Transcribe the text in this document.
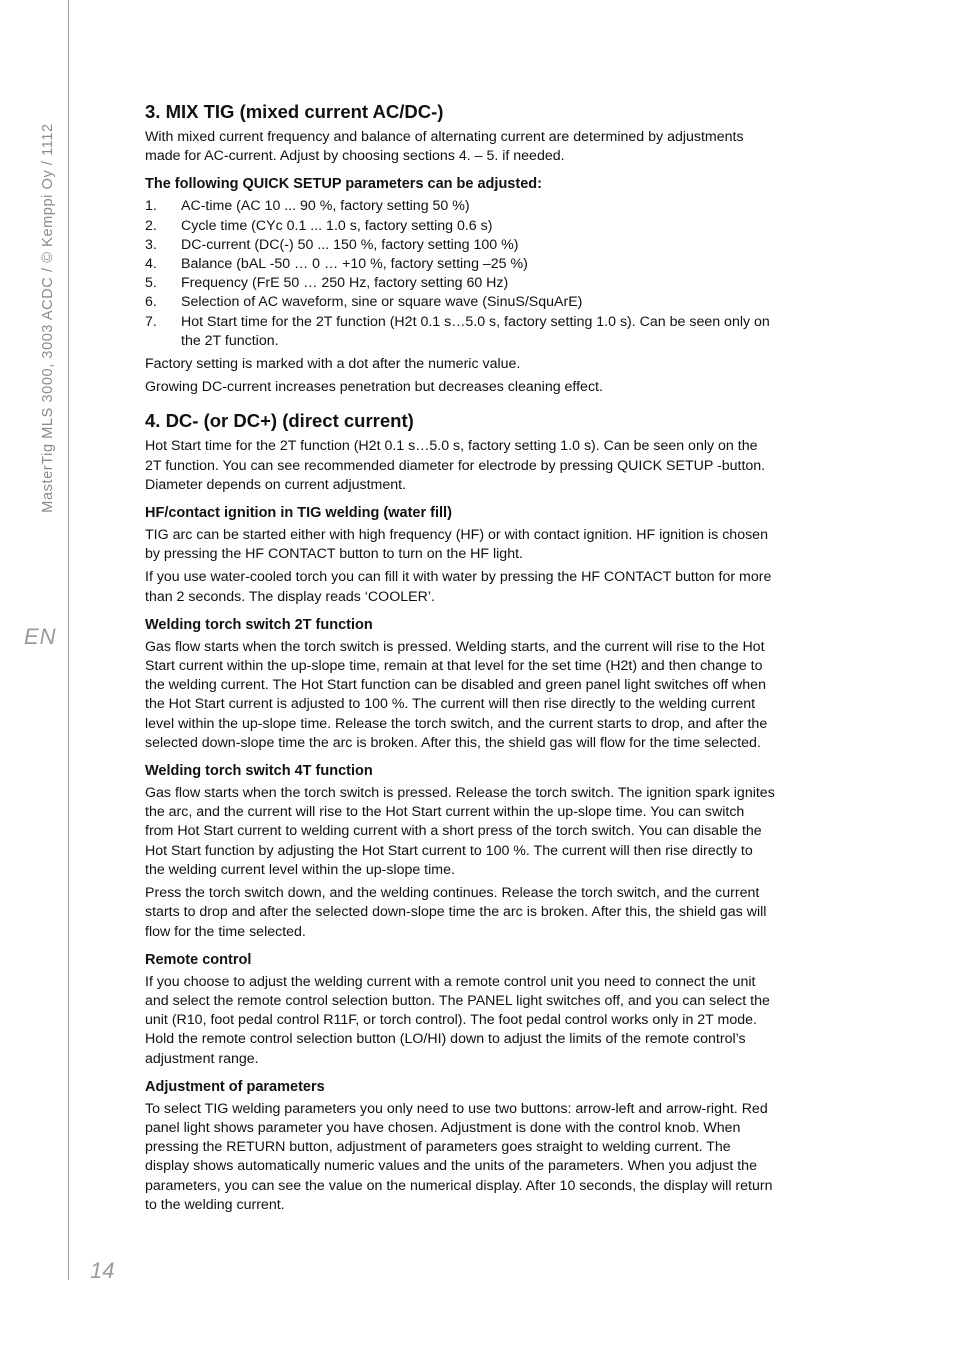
MasterTig MLS 3000, 3003 ACDC / © Kemppi Oy / 1112
EN
14
3. MIX TIG (mixed current AC/DC-)

With mixed current frequency and balance of alternating current are determined by adjustments made for AC-current. Adjust by choosing sections 4. – 5. if needed.

The following QUICK SETUP parameters can be adjusted:
1. AC-time (AC 10 ... 90 %, factory setting 50 %)
2. Cycle time (CYc 0.1 ... 1.0 s, factory setting 0.6 s)
3. DC-current (DC(-) 50 ... 150 %, factory setting 100 %)
4. Balance (bAL -50 … 0 … +10 %, factory setting –25 %)
5. Frequency (FrE 50 … 250 Hz, factory setting 60 Hz)
6. Selection of AC waveform, sine or square wave (SinuS/SquArE)
7. Hot Start time for the 2T function (H2t 0.1 s…5.0 s, factory setting 1.0 s). Can be seen only on the 2T function.

Factory setting is marked with a dot after the numeric value.

Growing DC-current increases penetration but decreases cleaning effect.

4. DC- (or DC+) (direct current)

Hot Start time for the 2T function (H2t 0.1 s…5.0 s, factory setting 1.0 s). Can be seen only on the 2T function. You can see recommended diameter for electrode by pressing QUICK SETUP -button. Diameter depends on current adjustment.

HF/contact ignition in TIG welding (water fill)

TIG arc can be started either with high frequency (HF) or with contact ignition. HF ignition is chosen by pressing the HF CONTACT button to turn on the HF light.

If you use water-cooled torch you can fill it with water by pressing the HF CONTACT button for more than 2 seconds. The display reads ‘COOLER’.

Welding torch switch 2T function

Gas flow starts when the torch switch is pressed. Welding starts, and the current will rise to the Hot Start current within the up-slope time, remain at that level for the set time (H2t) and then change to the welding current. The Hot Start function can be disabled and green panel light switches off when the Hot Start current is adjusted to 100 %. The current will then rise directly to the welding current level within the up-slope time. Release the torch switch, and the current starts to drop, and after the selected down-slope time the arc is broken. After this, the shield gas will flow for the time selected.

Welding torch switch 4T function

Gas flow starts when the torch switch is pressed. Release the torch switch. The ignition spark ignites the arc, and the current will rise to the Hot Start current within the up-slope time. You can switch from Hot Start current to welding current with a short press of the torch switch. You can disable the Hot Start function by adjusting the Hot Start current to 100 %. The current will then rise directly to the welding current level within the up-slope time.

Press the torch switch down, and the welding continues. Release the torch switch, and the current starts to drop and after the selected down-slope time the arc is broken. After this, the shield gas will flow for the time selected.

Remote control

If you choose to adjust the welding current with a remote control unit you need to connect the unit and select the remote control selection button. The PANEL light switches off, and you can select the unit (R10, foot pedal control R11F, or torch control). The foot pedal control works only in 2T mode. Hold the remote control selection button (LO/HI) down to adjust the limits of the remote control’s adjustment range.

Adjustment of parameters

To select TIG welding parameters you only need to use two buttons: arrow-left and arrow-right. Red panel light shows parameter you have chosen. Adjustment is done with the control knob. When pressing the RETURN button, adjustment of parameters goes straight to welding current. The display shows automatically numeric values and the units of the parameters. When you adjust the parameters, you can see the value on the numerical display. After 10 seconds, the display will return to the welding current.
